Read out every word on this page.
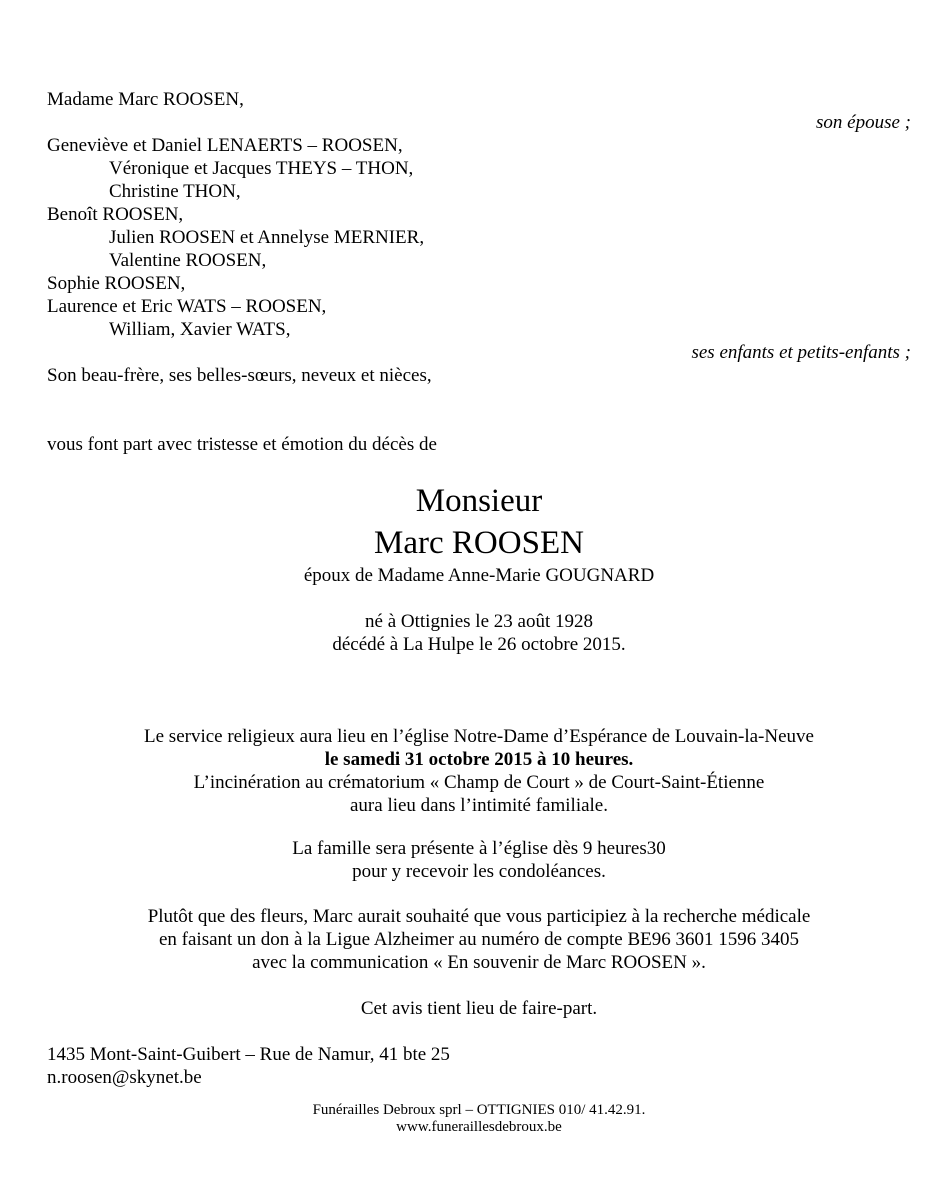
Madame Marc ROOSEN,
son épouse ;
Geneviève et Daniel LENAERTS – ROOSEN,
Véronique et Jacques THEYS – THON,
Christine THON,
Benoît ROOSEN,
Julien ROOSEN et Annelyse MERNIER,
Valentine ROOSEN,
Sophie ROOSEN,
Laurence et Eric WATS – ROOSEN,
William, Xavier WATS,
ses enfants et petits-enfants ;
Son beau-frère, ses belles-sœurs, neveux et nièces,

vous font part avec tristesse et émotion du décès de

Monsieur
Marc ROOSEN

époux de Madame Anne-Marie GOUGNARD

né à Ottignies le 23 août 1928
décédé à La Hulpe le 26 octobre 2015.
Le service religieux aura lieu en l’église Notre-Dame d’Espérance de Louvain-la-Neuve
le samedi 31 octobre 2015 à 10 heures.
L’incinération au crématorium « Champ de Court » de Court-Saint-Étienne
aura lieu dans l’intimité familiale.
La famille sera présente à l’église dès 9 heures30
pour y recevoir les condoléances.
Plutôt que des fleurs, Marc aurait souhaité que vous participiez à la recherche médicale
en faisant un don à la Ligue Alzheimer au numéro de compte BE96 3601 1596 3405
avec la communication « En souvenir de Marc ROOSEN ».

Cet avis tient lieu de faire-part.

1435 Mont-Saint-Guibert – Rue de Namur, 41 bte 25
n.roosen@skynet.be
Funérailles Debroux sprl – OTTIGNIES 010/ 41.42.91.
www.funeraillesdebroux.be
